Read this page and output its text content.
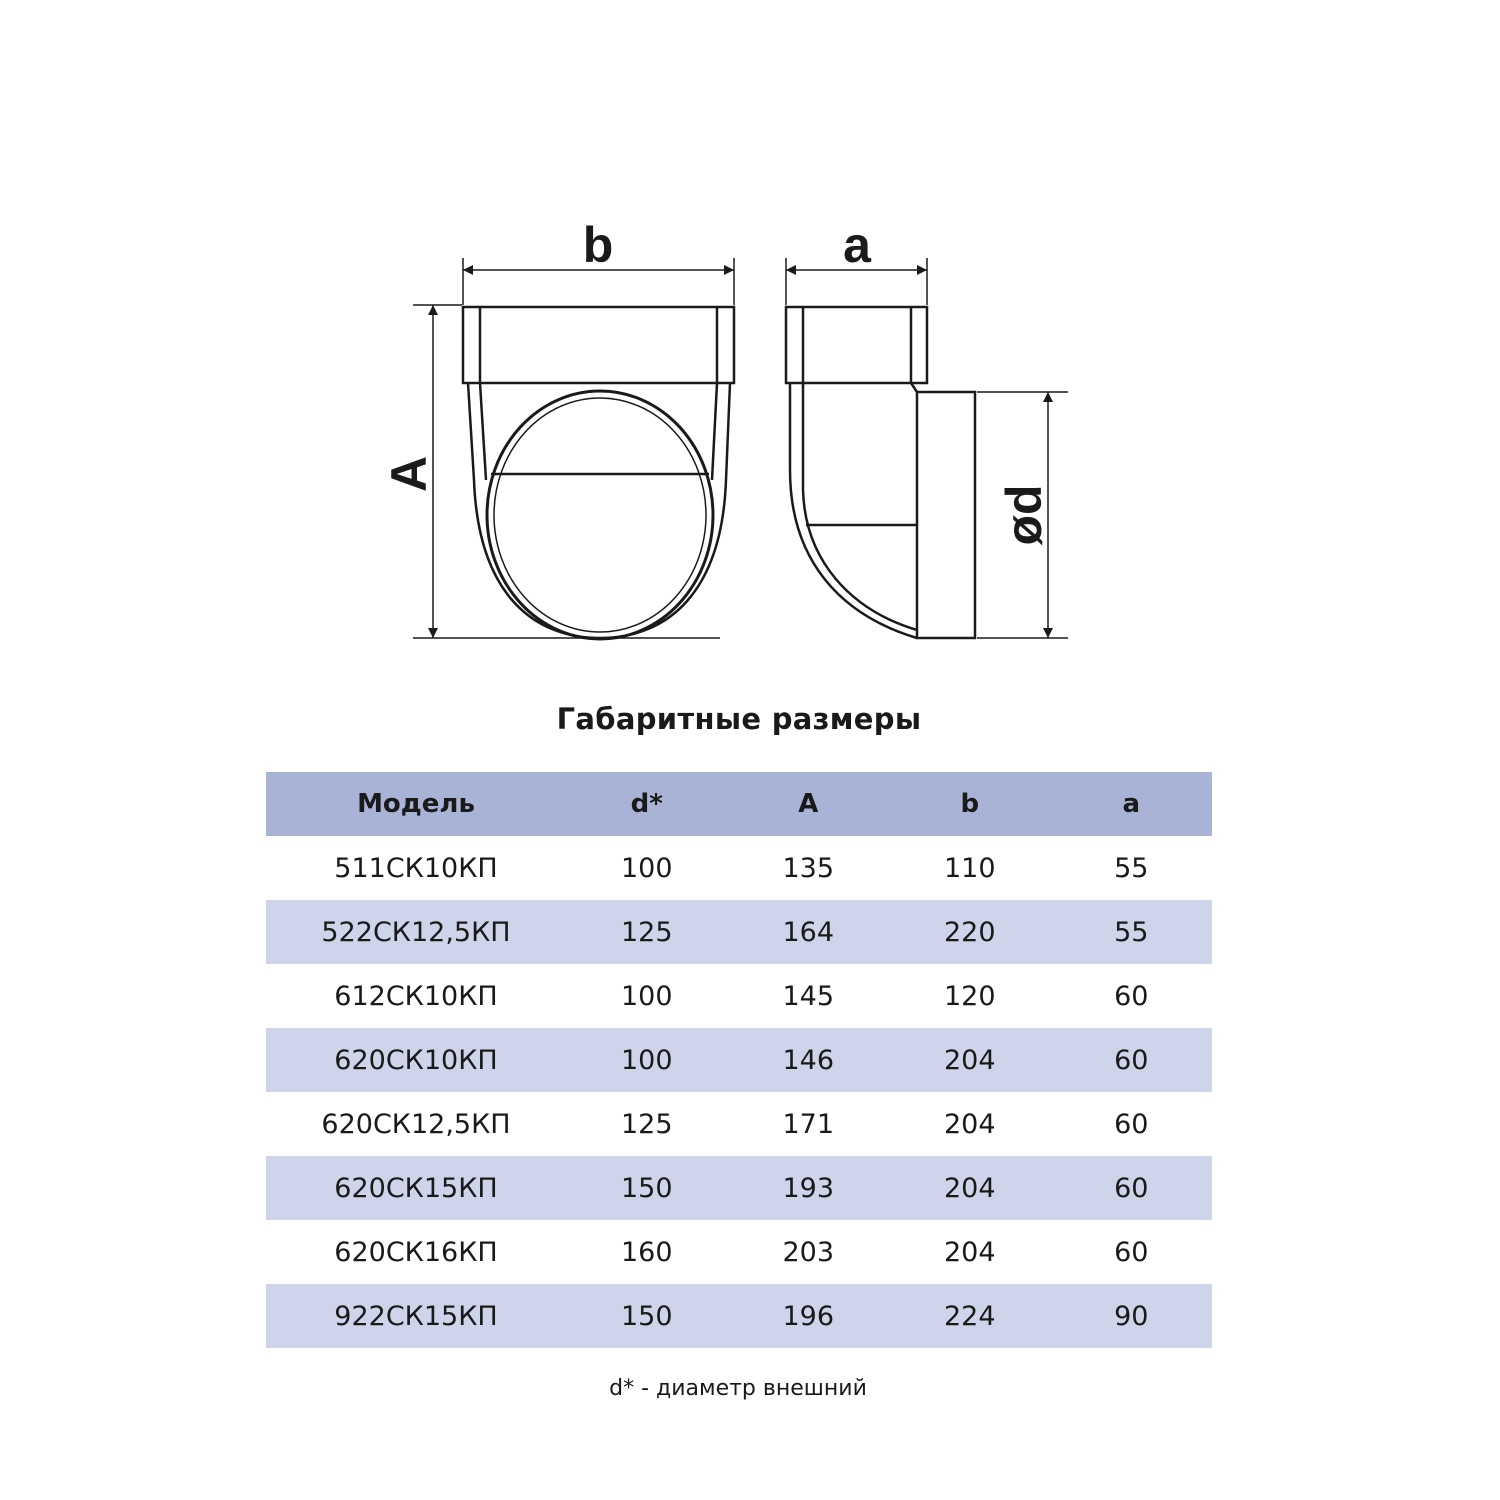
b	a
A
ød
Габаритные размеры
Модель	d*	A	b	a
511СК10КП	100	135	110	55
522СК12,5КП	125	164	220	55
612СК10КП	100	145	120	60
620СК10КП	100	146	204	60
620СК12,5КП	125	171	204	60
620СК15КП	150	193	204	60
620СК16КП	160	203	204	60
922СК15КП	150	196	224	90
d* - диаметр внешний
